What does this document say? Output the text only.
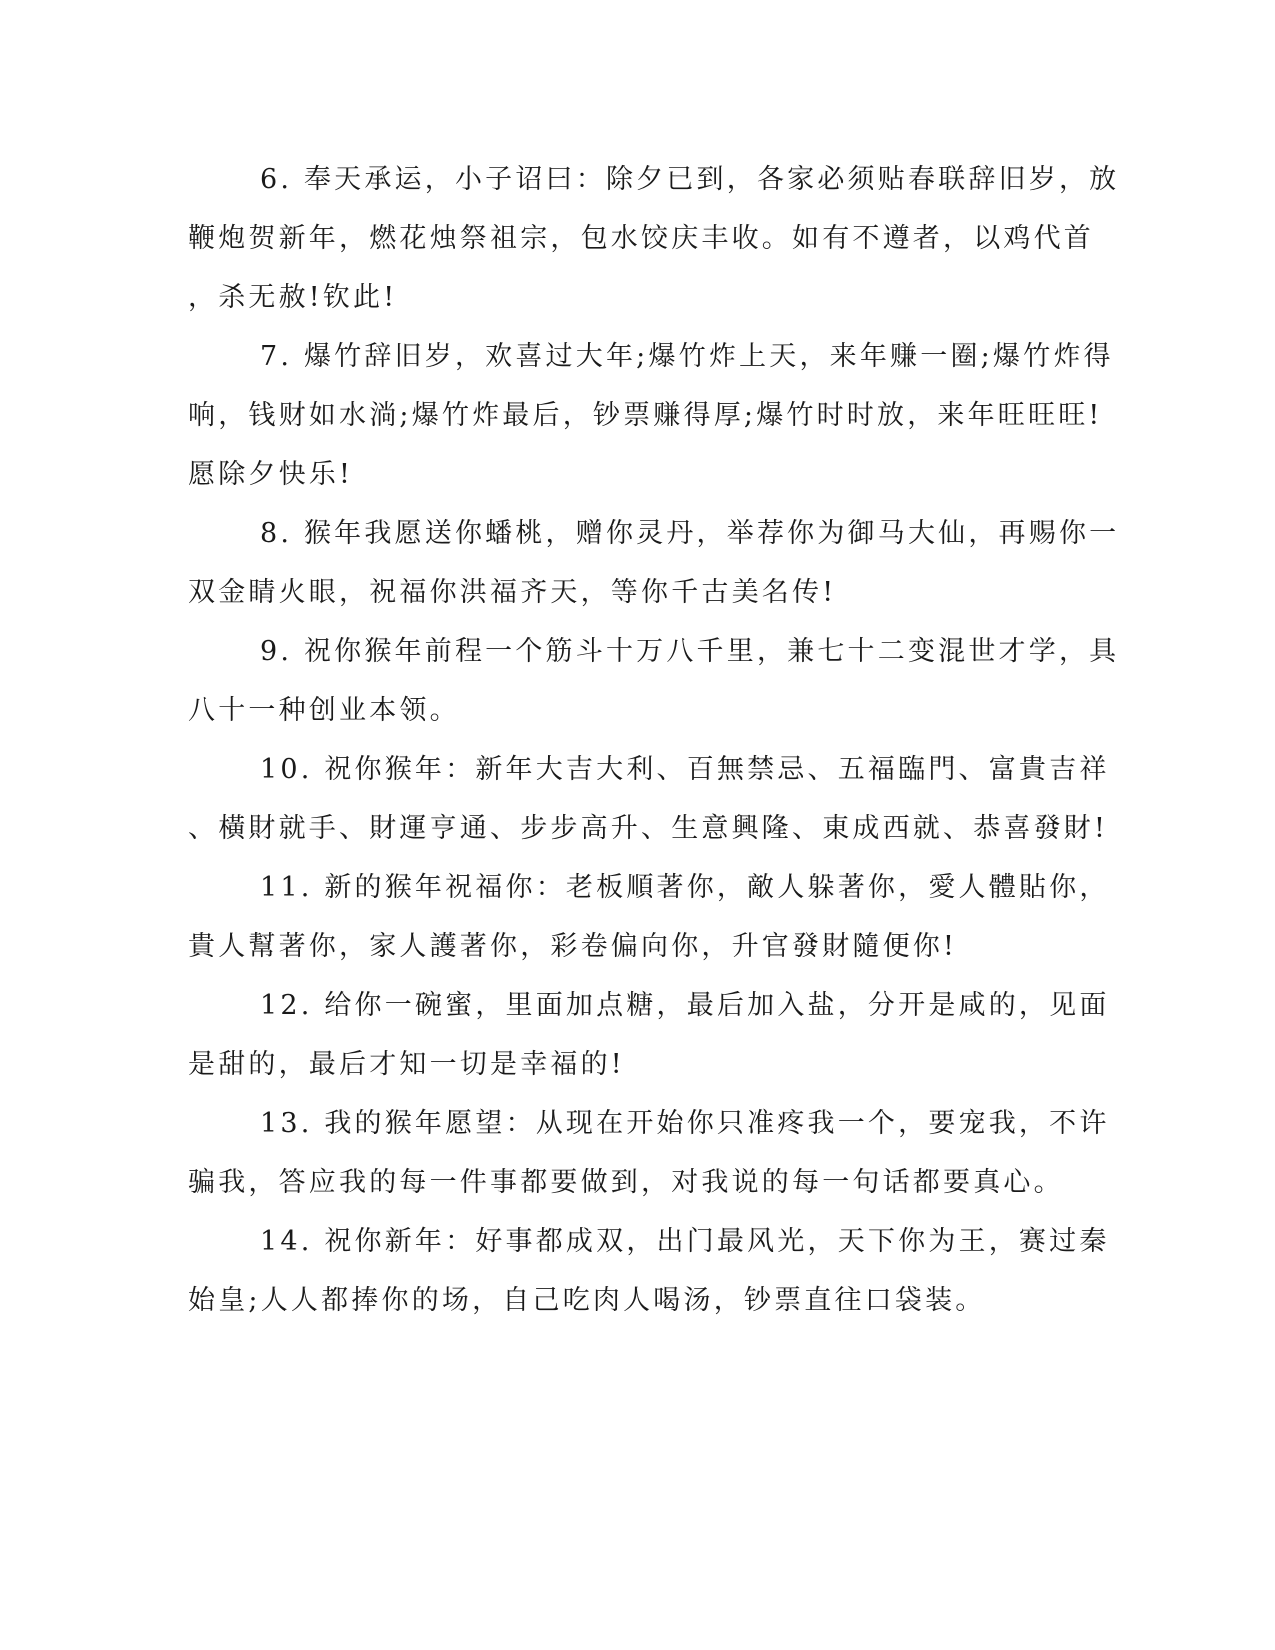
6. 奉天承运，小子诏曰：除夕已到，各家必须贴春联辞旧岁，放
鞭炮贺新年，燃花烛祭祖宗，包水饺庆丰收。如有不遵者，以鸡代首
，杀无赦!钦此!
7. 爆竹辞旧岁，欢喜过大年;爆竹炸上天，来年赚一圈;爆竹炸得
响，钱财如水淌;爆竹炸最后，钞票赚得厚;爆竹时时放，来年旺旺旺!
愿除夕快乐!
8. 猴年我愿送你蟠桃，赠你灵丹，举荐你为御马大仙，再赐你一
双金睛火眼，祝福你洪福齐天，等你千古美名传!
9. 祝你猴年前程一个筋斗十万八千里，兼七十二变混世才学，具
八十一种创业本领。
10. 祝你猴年：新年大吉大利、百無禁忌、五福臨門、富貴吉祥
、橫財就手、財運亨通、步步高升、生意興隆、東成西就、恭喜發財!
11. 新的猴年祝福你：老板順著你，敵人躲著你，愛人體貼你，
貴人幫著你，家人護著你，彩卷偏向你，升官發財隨便你!
12. 给你一碗蜜，里面加点糖，最后加入盐，分开是咸的，见面
是甜的，最后才知一切是幸福的!
13. 我的猴年愿望：从现在开始你只准疼我一个，要宠我，不许
骗我，答应我的每一件事都要做到，对我说的每一句话都要真心。
14. 祝你新年：好事都成双，出门最风光，天下你为王，赛过秦
始皇;人人都捧你的场，自己吃肉人喝汤，钞票直往口袋装。
